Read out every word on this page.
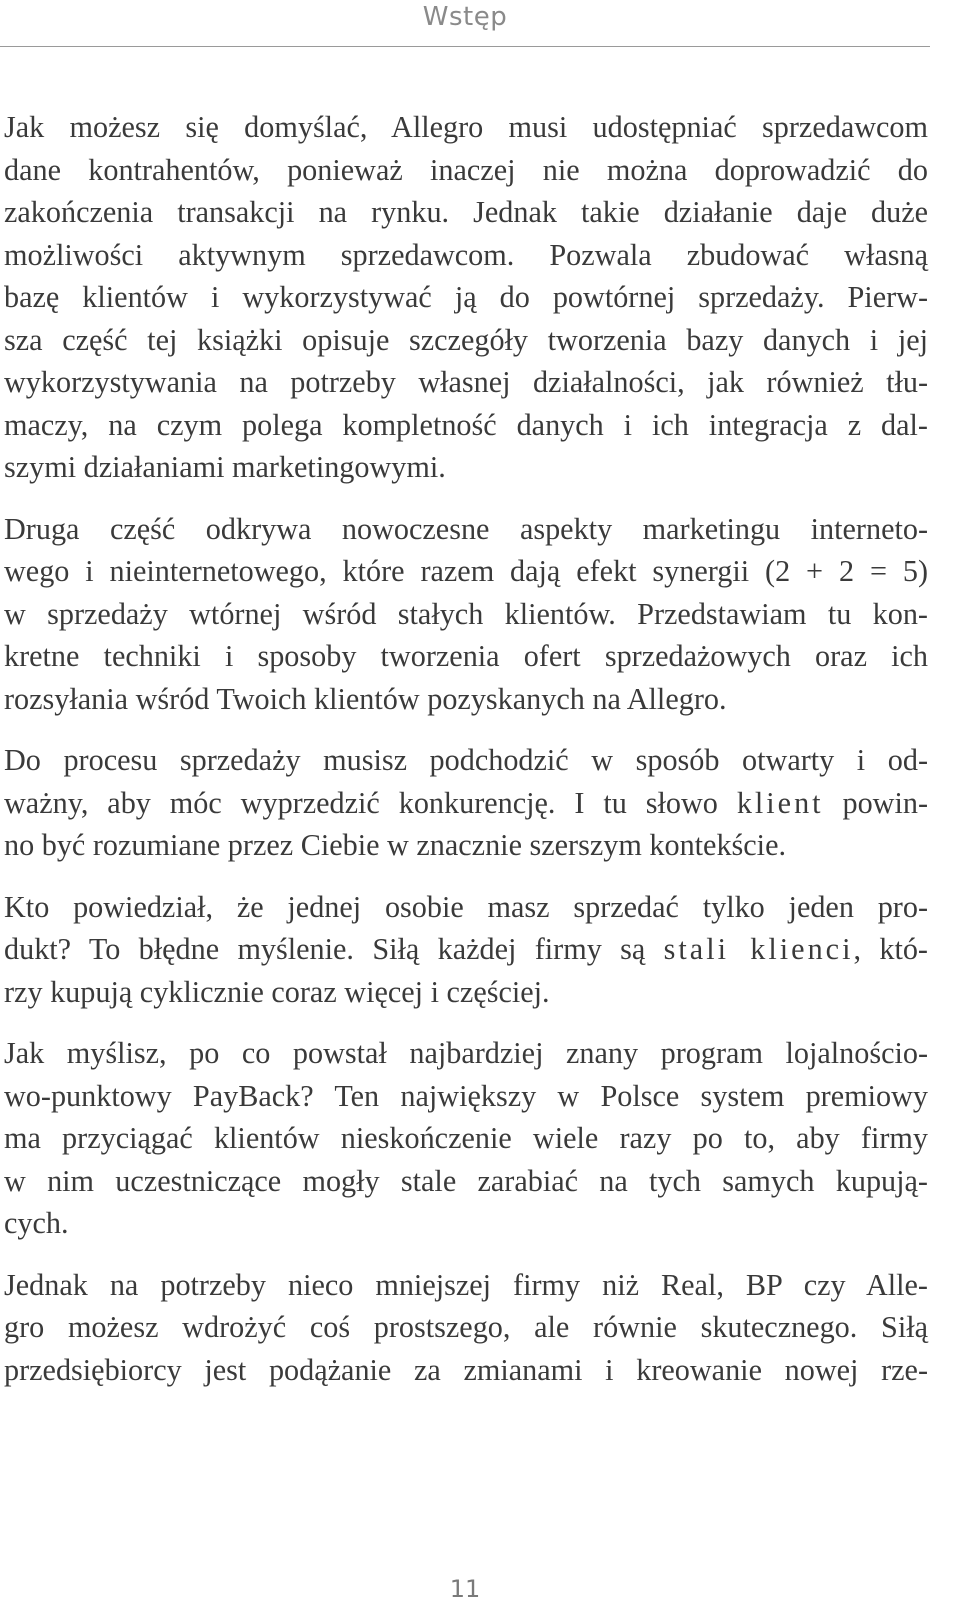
Wstęp
Jak możesz się domyślać, Allegro musi udostępniać sprzedawcom
dane kontrahentów, ponieważ inaczej nie można doprowadzić do
zakończenia transakcji na rynku. Jednak takie działanie daje duże
możliwości aktywnym sprzedawcom. Pozwala zbudować własną
bazę klientów i wykorzystywać ją do powtórnej sprzedaży. Pierw-
sza część tej książki opisuje szczegóły tworzenia bazy danych i jej
wykorzystywania na potrzeby własnej działalności, jak również tłu-
maczy, na czym polega kompletność danych i ich integracja z dal-
szymi działaniami marketingowymi.
Druga część odkrywa nowoczesne aspekty marketingu interneto-
wego i nieinternetowego, które razem dają efekt synergii (2 + 2 = 5)
w sprzedaży wtórnej wśród stałych klientów. Przedstawiam tu kon-
kretne techniki i sposoby tworzenia ofert sprzedażowych oraz ich
rozsyłania wśród Twoich klientów pozyskanych na Allegro.
Do procesu sprzedaży musisz podchodzić w sposób otwarty i od-
ważny, aby móc wyprzedzić konkurencję. I tu słowo klient powin-
no być rozumiane przez Ciebie w znacznie szerszym kontekście.
Kto powiedział, że jednej osobie masz sprzedać tylko jeden pro-
dukt? To błędne myślenie. Siłą każdej firmy są stali klienci, któ-
rzy kupują cyklicznie coraz więcej i częściej.
Jak myślisz, po co powstał najbardziej znany program lojalnościo-
wo-punktowy PayBack? Ten największy w Polsce system premiowy
ma przyciągać klientów nieskończenie wiele razy po to, aby firmy
w nim uczestniczące mogły stale zarabiać na tych samych kupują-
cych.
Jednak na potrzeby nieco mniejszej firmy niż Real, BP czy Alle-
gro możesz wdrożyć coś prostszego, ale równie skutecznego. Siłą
przedsiębiorcy jest podążanie za zmianami i kreowanie nowej rze-
11
